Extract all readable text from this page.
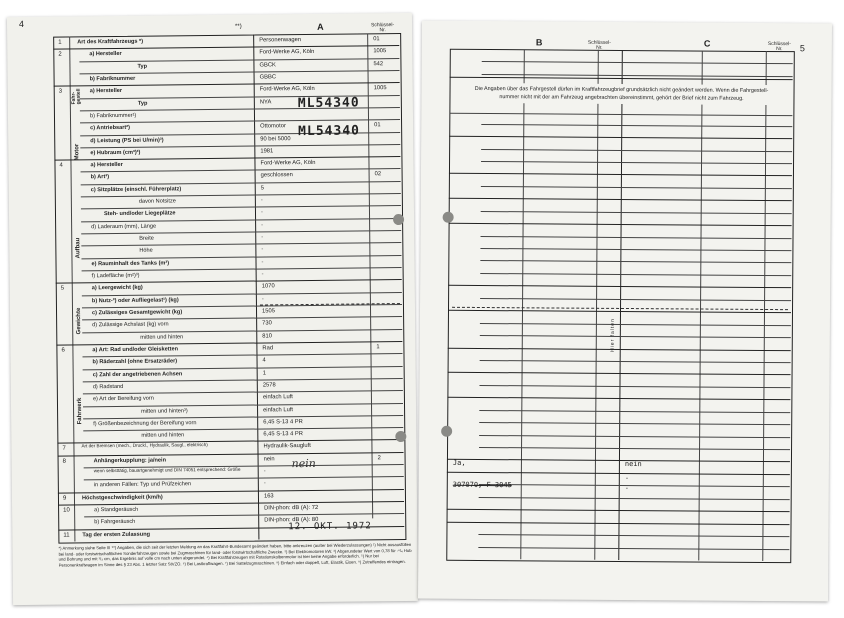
4	**)	A	Schlüssel-
Nr.
1	Art des Kraftfahrzeugs *)	Personenwagen	01
2	a) Hersteller	Ford-Werke AG, Köln	1005
Typ	GBCK	542
b) Fabriknummer	GBBC
3	a) Hersteller	Ford-Werke AG, Köln	1005
Typ	NYA
b) Fabriknummer¹)
c) Antriebsart²)	Ottomotor	01
d) Leistung (PS bei U/min)³)	90 bei 5000
e) Hubraum (cm³)³)	1981
4	a) Hersteller	Ford-Werke AG, Köln
b) Art³)	geschlossen	02
c) Sitzplätze (einschl. Führerplatz)	5
davon Notsitze	-
Steh- und/oder Liegeplätze	-
d) Laderaum (mm), Länge	-
Breite	-
Höhe	-
e) Rauminhalt des Tanks (m³)	-
f) Ladefläche (m²)³)	-
5	a) Leergewicht (kg)	1070
b) Nutz-³) oder Aufliegelast¹) (kg)	-
c) Zulässiges Gesamtgewicht (kg)	1505
d) Zulässige Achslast (kg) vorn	730
mitten und hinten	810
6	a) Art: Rad und/oder Gleisketten	Rad	1
b) Räderzahl (ohne Ersatzräder)	4
c) Zahl der angetriebenen Achsen	1
d) Radstand	2578
e) Art der Bereifung vorn	einfach Luft
mitten und hinten³)	einfach Luft
f) Größenbezeichnung der Bereifung vorn	6,45 S-13 4 PR
mitten und hinten	6,45 S-13 4 PR
7
Art der Bremsen (mech., Druckl., Hydraulik, Saugl., elektrisch)	Hydraulik-Saugluft
8	Anhängerkupplung: ja/nein	nein	2
wenn selbsttätig, bauartgenehmigt und DIN 74051 entsprechend: Größe	-
in anderen Fällen: Typ und Prüfzeichen	-
9	Höchstgeschwindigkeit (km/h)	163
10	a) Standgeräusch	DIN-phon: dB (A): 72
b) Fahrgeräusch	DIN-phon: dB (A): 80
11 Tag der ersten Zulassung
Fahr-
gestell
Motor
Aufbau
Gewichte
Fahrwerk
ML54340
ML54340
12. OKT. 1972
nein
*) Anmerkung siehe Seite III **) Angaben, die sich seit der letzten Meldung an das Kraftfahrt-Bundesamt geändert haben, bitte ankreuzen (außer bei Wiederzulassungen) ¹) Nicht ausausfüllen bei land- oder forstwirtschaftlichen Sonderfahrzeugen sowie bei Zugmaschinen für land- oder forstwirtschaftliche Zwecke. ²) Bei Elektromotoren kW. ³) Abgerundeter Wert von 0,78 für -ⁿ/₄ Hub und Bohrung und mit ¹/₃ cm, das Ergebnis auf volle cm nach unten abgerundet. ⁴) Bei Kraftfahrzeugen mit Rotationskolbenmotor ist hier keine Angabe erforderlich. ⁵) Nur bei Personenkraftwagen im Sinne des § 23 Abs. 1 letzter Satz StVZO. ⁶) Bei Lastkraftwagen. ⁷) Bei Sattelzugmaschinen. ⁸) Einfach oder doppelt, Luft, Elastik, Eisen. ⁹) Zutreffendes eintragen.
5
B	Schlüssel-
Nr.	C	Schlüssel-
Nr.
Die Angaben über das Fahrgestell dürfen im Kraftfahrzeugbrief grundsätzlich nicht geändert werden. Wenn die Fahrgestell-
nummer nicht mit der am Fahrzeug angebrachten übereinstimmt, gehört der Brief nicht zum Fahrzeug.
Hier falten
Ja,
307070, F 3045
nein
-
-
